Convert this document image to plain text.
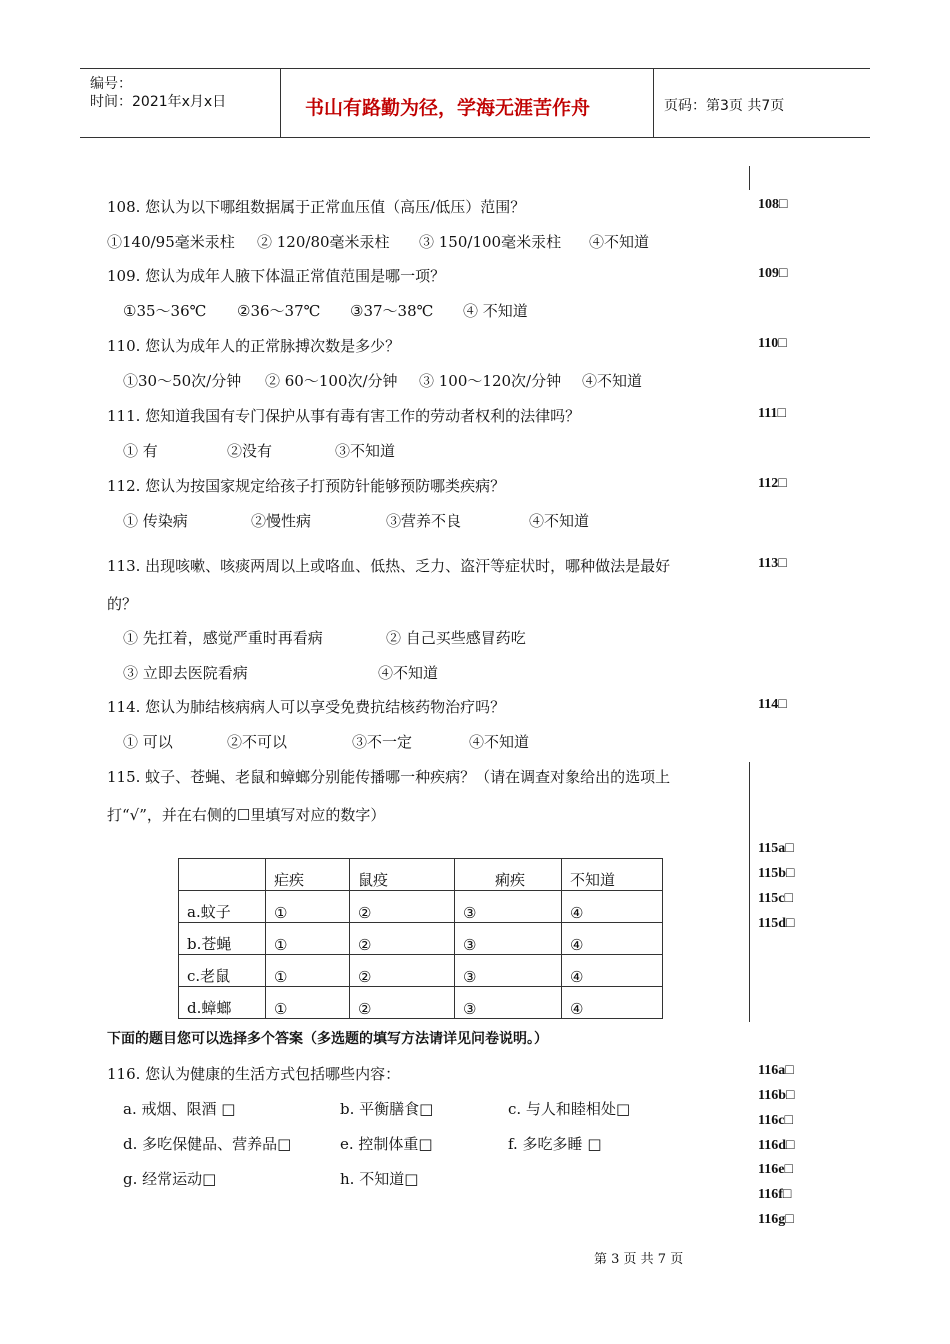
编号：
时间：2021年x月x日	书山有路勤为径，学海无涯苦作舟	页码：第3页 共7页
108. 您认为以下哪组数据属于正常血压值（高压/低压）范围？	108□
①140/95毫米汞柱 ② 120/80毫米汞柱 ③ 150/100毫米汞柱 ④不知道
109. 您认为成年人腋下体温正常值范围是哪一项？	109□
①35～36℃ ②36～37℃ ③37～38℃ ④ 不知道
110. 您认为成年人的正常脉搏次数是多少？	110□
①30～50次/分钟 ② 60～100次/分钟 ③ 100～120次/分钟 ④不知道
111. 您知道我国有专门保护从事有毒有害工作的劳动者权利的法律吗？	111□
① 有	②没有	③不知道
112. 您认为按国家规定给孩子打预防针能够预防哪类疾病？	112□
① 传染病	②慢性病	③营养不良	④不知道
113. 出现咳嗽、咳痰两周以上或咯血、低热、乏力、盗汗等症状时，哪种做法是最好
的？
113□
① 先扛着，感觉严重时再看病	② 自己买些感冒药吃
③ 立即去医院看病	④不知道
114. 您认为肺结核病病人可以享受免费抗结核药物治疗吗？	114□
① 可以	②不可以	③不一定	④不知道
115. 蚊子、苍蝇、老鼠和蟑螂分别能传播哪一种疾病？（请在调查对象给出的选项上
打“√”，并在右侧的☐里填写对应的数字）
115a□
115b□
115c□
115d□
	疟疾	鼠疫	痢疾	不知道
a.蚊子	①	②	③	④
b.苍蝇	①	②	③	④
c.老鼠	①	②	③	④
d.蟑螂	①	②	③	④
下面的题目您可以选择多个答案（多选题的填写方法请详见问卷说明。）
116. 您认为健康的生活方式包括哪些内容：	116a□
116b□
116c□
116d□
116e□
116f□
116g□
a. 戒烟、限酒 □	b. 平衡膳食□	c. 与人和睦相处□
d. 多吃保健品、营养品□	e. 控制体重□	f. 多吃多睡 □
g. 经常运动□	h. 不知道□
第 3 页 共 7 页
